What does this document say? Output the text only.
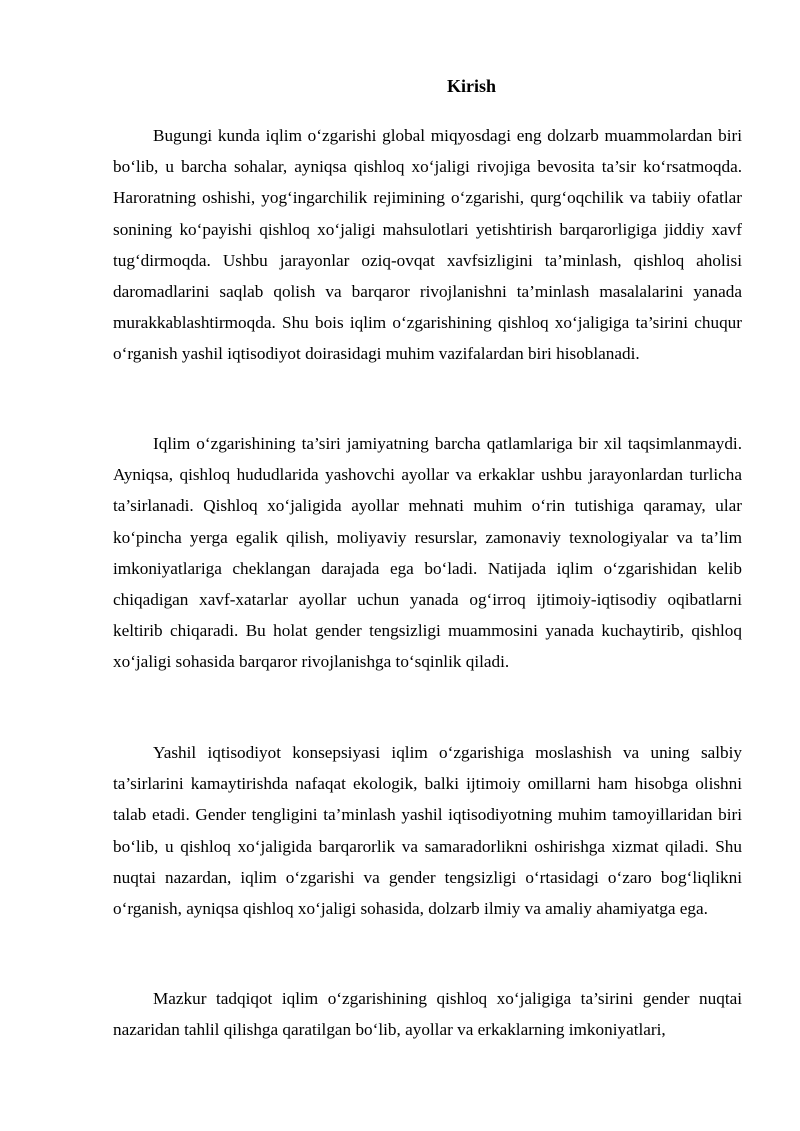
Kirish

Bugungi kunda iqlim o‘zgarishi global miqyosdagi eng dolzarb muammolardan biri bo‘lib, u barcha sohalar, ayniqsa qishloq xo‘jaligi rivojiga bevosita ta’sir ko‘rsatmoqda. Haroratning oshishi, yog‘ingarchilik rejimining o‘zgarishi, qurg‘oqchilik va tabiiy ofatlar sonining ko‘payishi qishloq xo‘jaligi mahsulotlari yetishtirish barqarorligiga jiddiy xavf tug‘dirmoqda. Ushbu jarayonlar oziq-ovqat xavfsizligini ta’minlash, qishloq aholisi daromadlarini saqlab qolish va barqaror rivojlanishni ta’minlash masalalarini yanada murakkablashtirmoqda. Shu bois iqlim o‘zgarishining qishloq xo‘jaligiga ta’sirini chuqur o‘rganish yashil iqtisodiyot doirasidagi muhim vazifalardan biri hisoblanadi.

Iqlim o‘zgarishining ta’siri jamiyatning barcha qatlamlariga bir xil taqsimlanmaydi. Ayniqsa, qishloq hududlarida yashovchi ayollar va erkaklar ushbu jarayonlardan turlicha ta’sirlanadi. Qishloq xo‘jaligida ayollar mehnati muhim o‘rin tutishiga qaramay, ular ko‘pincha yerga egalik qilish, moliyaviy resurslar, zamonaviy texnologiyalar va ta’lim imkoniyatlariga cheklangan darajada ega bo‘ladi. Natijada iqlim o‘zgarishidan kelib chiqadigan xavf-xatarlar ayollar uchun yanada og‘irroq ijtimoiy-iqtisodiy oqibatlarni keltirib chiqaradi. Bu holat gender tengsizligi muammosini yanada kuchaytirib, qishloq xo‘jaligi sohasida barqaror rivojlanishga to‘sqinlik qiladi.

Yashil iqtisodiyot konsepsiyasi iqlim o‘zgarishiga moslashish va uning salbiy ta’sirlarini kamaytirishda nafaqat ekologik, balki ijtimoiy omillarni ham hisobga olishni talab etadi. Gender tengligini ta’minlash yashil iqtisodiyotning muhim tamoyillaridan biri bo‘lib, u qishloq xo‘jaligida barqarorlik va samaradorlikni oshirishga xizmat qiladi. Shu nuqtai nazardan, iqlim o‘zgarishi va gender tengsizligi o‘rtasidagi o‘zaro bog‘liqlikni o‘rganish, ayniqsa qishloq xo‘jaligi sohasida, dolzarb ilmiy va amaliy ahamiyatga ega.

Mazkur tadqiqot iqlim o‘zgarishining qishloq xo‘jaligiga ta’sirini gender nuqtai nazaridan tahlil qilishga qaratilgan bo‘lib, ayollar va erkaklarning imkoniyatlari,
